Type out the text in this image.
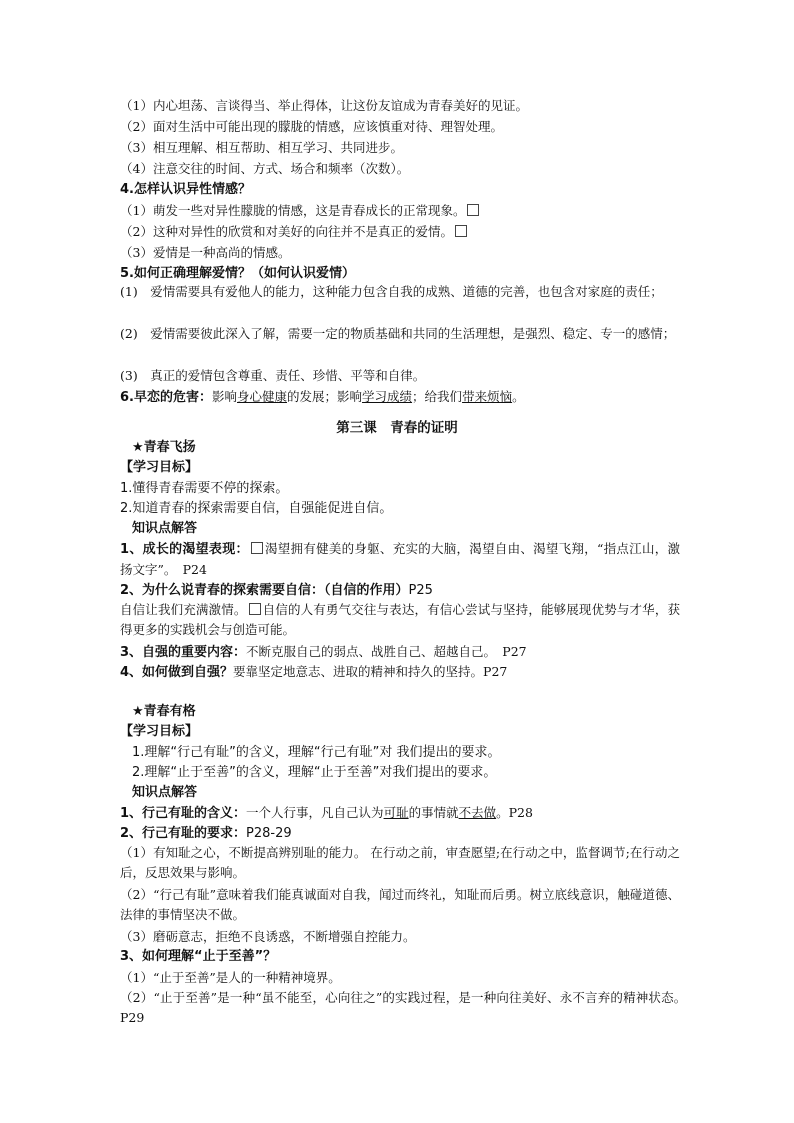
（1）内心坦荡、言谈得当、举止得体，让这份友谊成为青春美好的见证。
（2）面对生活中可能出现的朦胧的情感，应该慎重对待、理智处理。
（3）相互理解、相互帮助、相互学习、共同进步。
（4）注意交往的时间、方式、场合和频率（次数）。
4.怎样认识异性情感？
（1）萌发一些对异性朦胧的情感，这是青春成长的正常现象。
（2）这种对异性的欣赏和对美好的向往并不是真正的爱情。
（3）爱情是一种高尚的情感。
5.如何正确理解爱情？（如何认识爱情）
(1)　爱情需要具有爱他人的能力，这种能力包含自我的成熟、道德的完善，也包含对家庭的责任；
(2)　爱情需要彼此深入了解，需要一定的物质基础和共同的生活理想，是强烈、稳定、专一的感情；
(3)　真正的爱情包含尊重、责任、珍惜、平等和自律。
6.早恋的危害：影响身心健康的发展；影响学习成绩；给我们带来烦恼。
第三课　青春的证明
★青春飞扬
【学习目标】
1.懂得青春需要不停的探索。
2.知道青春的探索需要自信，自强能促进自信。
知识点解答
1、成长的渴望表现： 渴望拥有健美的身躯、充实的大脑，渴望自由、渴望飞翔，“指点江山，激扬文字”。　P24
2、为什么说青春的探索需要自信：（自信的作用）P25
自信让我们充满激情。 自信的人有勇气交往与表达，有信心尝试与坚持，能够展现优势与才华，获得更多的实践机会与创造可能。
3、自强的重要内容：不断克服自己的弱点、战胜自己、超越自己。　P27
4、如何做到自强？要靠坚定地意志、进取的精神和持久的坚持。P27
★青春有格
【学习目标】
1.理解“行己有耻”的含义，理解“行己有耻”对 我们提出的要求。
2.理解“止于至善”的含义，理解“止于至善”对我们提出的要求。
知识点解答
1、行己有耻的含义：一个人行事，凡自己认为可耻的事情就不去做。P28
2、行己有耻的要求：P28-29
（1）有知耻之心，不断提高辨别耻的能力。 在行动之前，审查愿望;在行动之中，监督调节;在行动之后，反思效果与影响。
（2）“行己有耻”意味着我们能真诚面对自我，闻过而终礼，知耻而后勇。树立底线意识，触碰道德、法律的事情坚决不做。
（3）磨砺意志，拒绝不良诱惑，不断增强自控能力。
3、如何理解“止于至善”？
（1）“止于至善”是人的一种精神境界。
（2）“止于至善”是一种“虽不能至，心向往之”的实践过程，是一种向往美好、永不言弃的精神状态。　P29
